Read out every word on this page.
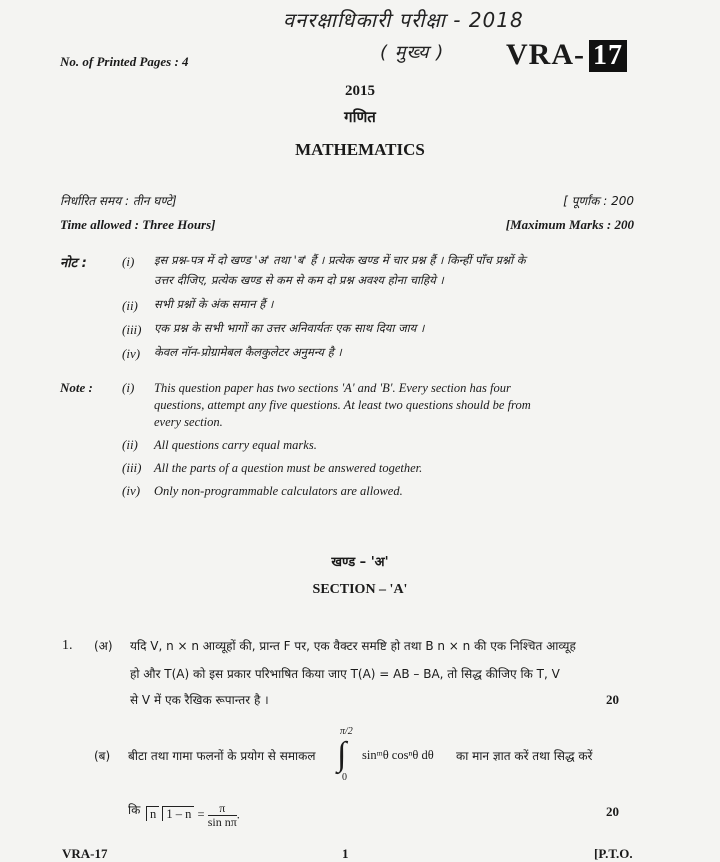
वनरक्षाधिकारी परीक्षा - 2018
( मुख्य )
No. of Printed Pages : 4	VRA- 17
2015
गणित
MATHEMATICS
निर्धारित समय : तीन घण्टे]	[ पूर्णांक : 200
Time allowed : Three Hours]	[Maximum Marks : 200
नोट :	(i) इस प्रश्न-पत्र में दो खण्ड 'अ' तथा 'ब' हैं । प्रत्येक खण्ड में चार प्रश्न हैं । किन्हीं पाँच प्रश्नों के
उत्तर दीजिए, प्रत्येक खण्ड से कम से कम दो प्रश्न अवश्य होना चाहिये ।
(ii) सभी प्रश्नों के अंक समान हैं ।
(iii) एक प्रश्न के सभी भागों का उत्तर अनिवार्यतः एक साथ दिया जाय ।
(iv) केवल नॉन-प्रोग्रामेबल कैलकुलेटर अनुमन्य है ।
Note : (i) This question paper has two sections 'A' and 'B'. Every section has four
questions, attempt any five questions. At least two questions should be from
every section.
(ii) All questions carry equal marks.
(iii) All the parts of a question must be answered together.
(iv) Only non-programmable calculators are allowed.
खण्ड – 'अ'
SECTION – 'A'
1. (अ) यदि V, n × n आव्यूहों की, प्रान्त F पर, एक वैक्टर समष्टि हो तथा B n × n की एक निश्चित आव्यूह
हो और T(A) को इस प्रकार परिभाषित किया जाए T(A) = AB – BA, तो सिद्ध कीजिए कि T, V
से V में एक रैखिक रूपान्तर है ।	20
(ब) बीटा तथा गामा फलनों के प्रयोग से समाकल
π/2
∫
0
sinᵐθ cosⁿθ dθ का मान ज्ञात करें तथा सिद्ध करें
कि n $1 - n = \frac{\pi}{\text{sin nπ}}$ .	20
VRA-17	1	[P.T.O.
